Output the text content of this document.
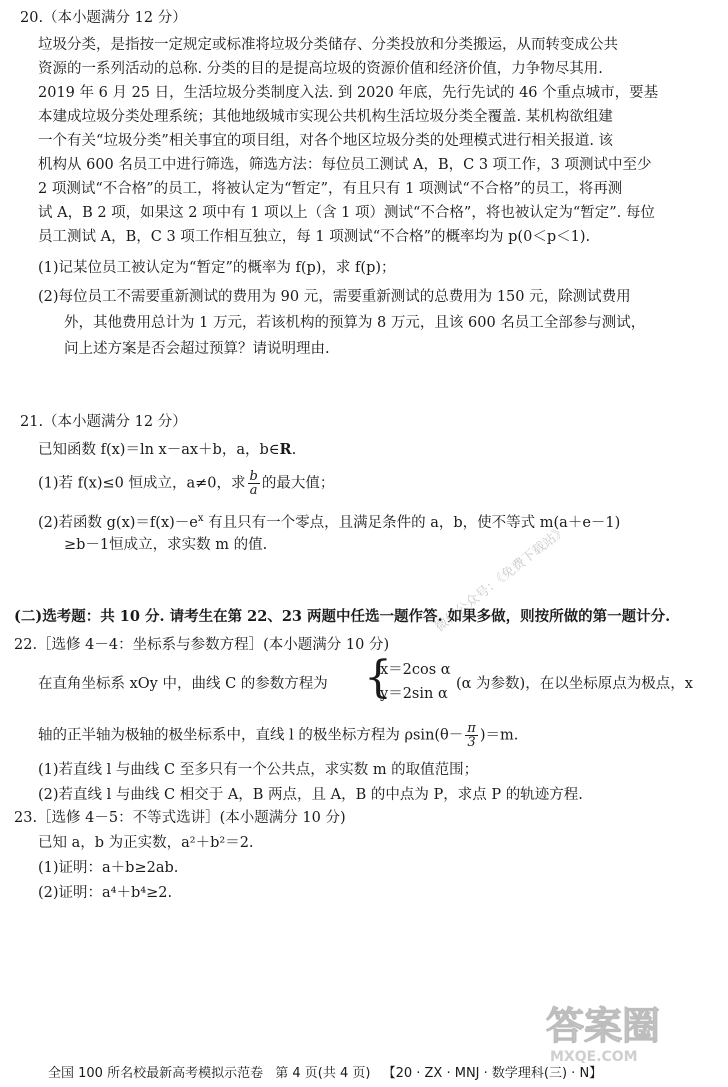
20.（本小题满分 12 分）
垃圾分类，是指按一定规定或标准将垃圾分类储存、分类投放和分类搬运，从而转变成公共
资源的一系列活动的总称. 分类的目的是提高垃圾的资源价值和经济价值，力争物尽其用.
2019 年 6 月 25 日，生活垃圾分类制度入法. 到 2020 年底，先行先试的 46 个重点城市，要基
本建成垃圾分类处理系统；其他地级城市实现公共机构生活垃圾分类全覆盖. 某机构欲组建
一个有关“垃圾分类”相关事宜的项目组，对各个地区垃圾分类的处理模式进行相关报道. 该
机构从 600 名员工中进行筛选，筛选方法：每位员工测试 A，B，C 3 项工作，3 项测试中至少
2 项测试“不合格”的员工，将被认定为“暂定”，有且只有 1 项测试“不合格”的员工，将再测
试 A，B 2 项，如果这 2 项中有 1 项以上（含 1 项）测试“不合格”，将也被认定为“暂定”. 每位
员工测试 A，B，C 3 项工作相互独立，每 1 项测试“不合格”的概率均为 p(0＜p＜1).
(1)记某位员工被认定为“暂定”的概率为 f(p)，求 f(p)；
(2)每位员工不需要重新测试的费用为 90 元，需要重新测试的总费用为 150 元，除测试费用
外，其他费用总计为 1 万元，若该机构的预算为 8 万元，且该 600 名员工全部参与测试，
问上述方案是否会超过预算？请说明理由.
21.（本小题满分 12 分）
已知函数 f(x)＝ln x－ax＋b，a，b∈R.
(1)若 f(x)≤0 恒成立，a≠0，求 $\frac{b}{a}$ 的最大值；
(2)若函数 $g(x)=f(x)-e^x$ 有且只有一个零点，且满足条件的 a，b，使不等式 m(a＋e－1)
≥b－1恒成立，求实数 m 的值.	微信公众号：《免费下载站》
(二)选考题：共 10 分. 请考生在第 22、23 两题中任选一题作答. 如果多做，则按所做的第一题计分.
22.［选修 4－4：坐标系与参数方程］(本小题满分 10 分)
在直角坐标系 xOy 中，曲线 C 的参数方程为 {
x＝2cos α
y＝2sin α
(α 为参数)，在以坐标原点为极点，x
轴的正半轴为极轴的极坐标系中，直线 l 的极坐标方程为 $\rho\sin(\theta- \frac{\pi}{3} )=m$.
(1)若直线 l 与曲线 C 至多只有一个公共点，求实数 m 的取值范围；
(2)若直线 l 与曲线 C 相交于 A，B 两点，且 A，B 的中点为 P，求点 P 的轨迹方程.
23.［选修 4－5：不等式选讲］(本小题满分 10 分)
已知 a，b 为正实数，a²＋b²＝2.
(1)证明：a＋b≥2ab.
(2)证明：a⁴＋b⁴≥2.
答案圈
MXQE.COM
全国 100 所名校最新高考模拟示范卷 第 4 页(共 4 页) 【20 · ZX · MNJ · 数学理科(三) · N】
